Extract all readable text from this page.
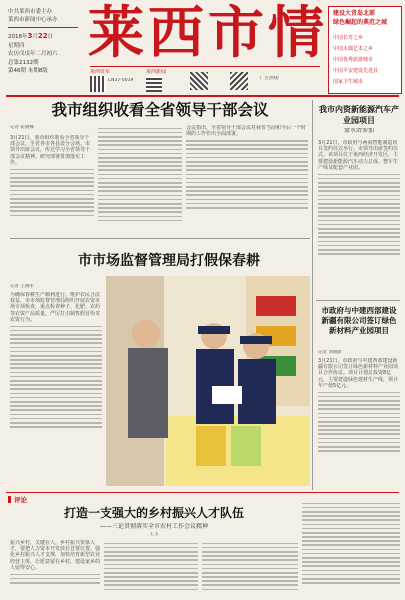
中共莱西市委主办
莱西市新闻中心承办
2018年3月22日
星期四
农历戊戌年二月初六
总第2132期
第46期 本期8版
莱西市情
莱西发布
CN37-0019
莱西新闻
广告热线:
建设大青岛北部
绿色崛起的典范之城
中国长寿之乡
中国木偶艺术之乡
中国优秀旅游城市
中国平安建设先进县
国家卫生城市
我市组织收看全省领导干部会议
记者 崔丽娜
3月21日，我市组织收看全省领导干部会议，全省各市各县设分会场。市领导出席会议，传达学习全省领导干部会议精神，研究部署贯彻落实工作。
会议指出，全省领导干部会议对我省当前和今后一个时期的工作作出全面部署。
我市内资新能源汽车产业园项目
蒙水清参加
3月21日，市政府与两海智能制造项目签约仪式举行。市领导出席签约仪式。该项目位于莱西经济开发区，主要建设新能源汽车动力总成、整车生产线及配套产业园。
市市场监督管理局打假保春耕
记者 王晓军
为确保春耕生产顺利进行，维护农民合法权益，市市场监督管理局组织开展农资市场专项检查，重点检查种子、化肥、农药等农资产品质量，严厉打击制售假冒伪劣农资行为。
市政府与中建西部建设新疆有限公司签订绿色新材料产业园项目
记者 刘晓新
3月21日，市政府与中建西部建设新疆有限公司签订绿色新材料产业园项目合作协议。项目计划总投资8亿元，主要建设绿色建材生产线，预计年产值5亿元。
评论
打造一支强大的乡村振兴人才队伍
——三论贯彻落实全市农村工作会议精神
王玉
振兴乡村，关键在人。乡村振兴要靠人才，要把人力资本开发放在首要位置，强化乡村振兴人才支撑，加快培育新型农业经营主体，让愿意留在乡村、建设家乡的人留得安心。
